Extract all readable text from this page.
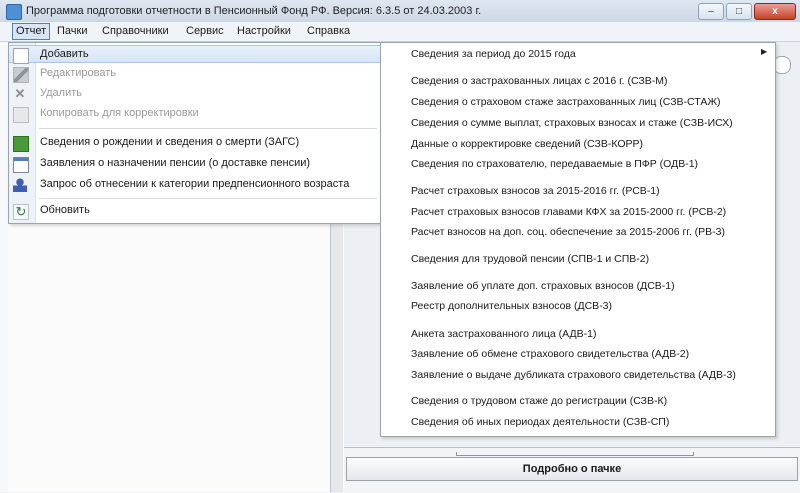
Программа подготовки отчетности в Пенсионный Фонд РФ. Версия: 6.3.5 от 24.03.2003 г.	–	□	x
Отчет Пачки Справочники Сервис Настройки Справка
Подробно о пачке
Добавить
Редактировать
✕ Удалить
Копировать для корректировки
Сведения о рождении и сведения о смерти (ЗАГС)
Заявления о назначении пенсии (о доставке пенсии)
Запрос об отнесении к категории предпенсионного возраста
↻ Обновить
Сведения за период до 2015 года	▶
Сведения о застрахованных лицах с 2016 г. (СЗВ-М)
Сведения о страховом стаже застрахованных лиц (СЗВ-СТАЖ)
Сведения о сумме выплат, страховых взносах и стаже (СЗВ-ИСХ)
Данные о корректировке сведений (СЗВ-КОРР)
Сведения по страхователю, передаваемые в ПФР (ОДВ-1)
Расчет страховых взносов за 2015-2016 гг. (РСВ-1)
Расчет страховых взносов главами КФХ за 2015-2000 гг. (РСВ-2)
Расчет взносов на доп. соц. обеспечение за 2015-2006 гг. (РВ-3)
Сведения для трудовой пенсии (СПВ-1 и СПВ-2)
Заявление об уплате доп. страховых взносов (ДСВ-1)
Реестр дополнительных взносов (ДСВ-3)
Анкета застрахованного лица (АДВ-1)
Заявление об обмене страхового свидетельства (АДВ-2)
Заявление о выдаче дубликата страхового свидетельства (АДВ-3)
Сведения о трудовом стаже до регистрации (СЗВ-К)
Сведения об иных периодах деятельности (СЗВ-СП)
